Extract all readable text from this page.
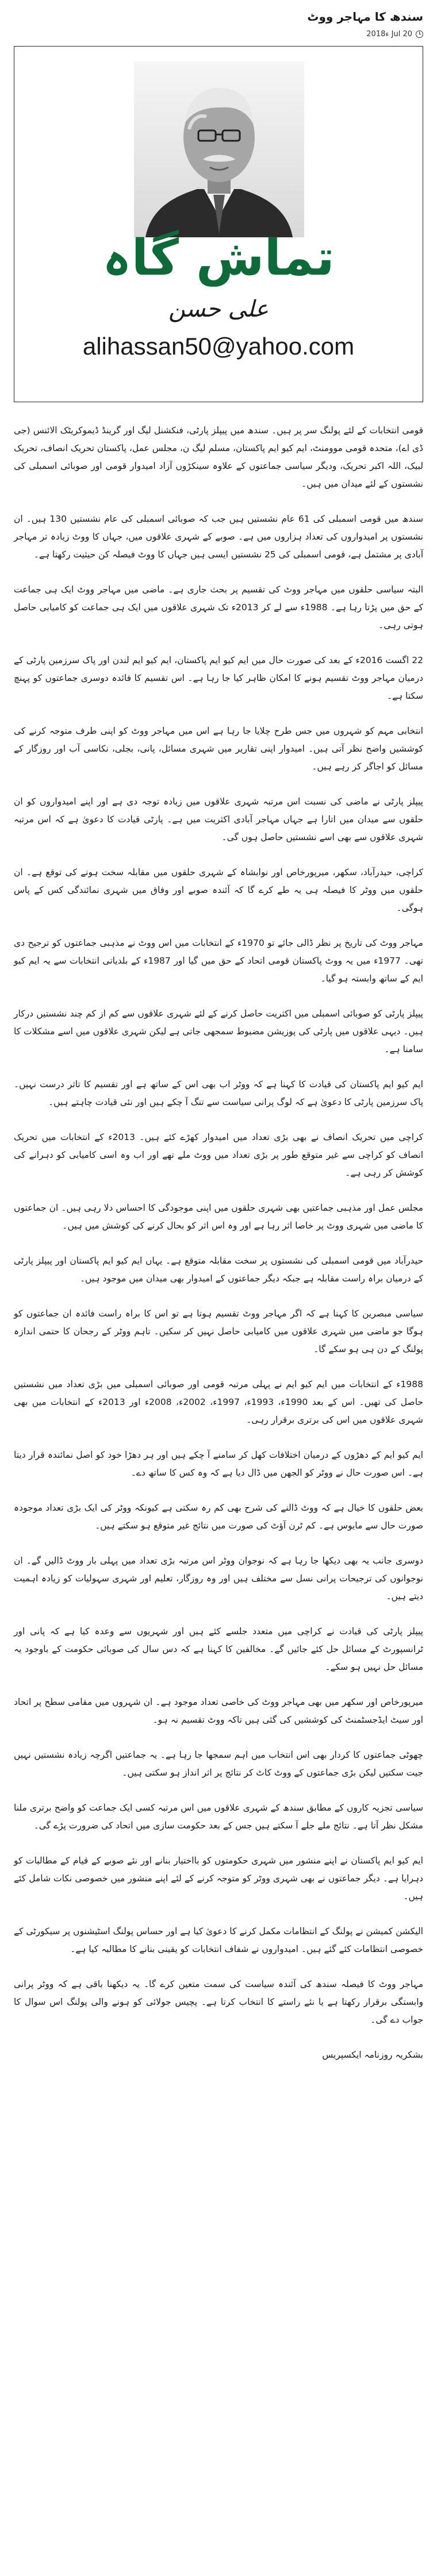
سندھ کا مہاجر ووٹ
2018ء Jul 20
تماش گاہ
علی حسن
alihassan50@yahoo.com

قومی انتخابات کے لئے پولنگ سر پر ہیں۔ سندھ میں پیپلز پارٹی، فنکشنل لیگ اور گرینڈ ڈیموکریٹک الائنس (جی ڈی اے)، متحدہ قومی موومنٹ، ایم کیو ایم پاکستان، مسلم لیگ ن، مجلس عمل، پاکستان تحریک انصاف، تحریک لبیک، اللہ اکبر تحریک، ودیگر سیاسی جماعتوں کے علاوہ سینکڑوں آزاد امیدوار قومی اور صوبائی اسمبلی کی نشستوں کے لئے میدان میں ہیں۔

سندھ میں قومی اسمبلی کی 61 عام نشستیں ہیں جب کہ صوبائی اسمبلی کی عام نشستیں 130 ہیں۔ ان نشستوں پر امیدواروں کی تعداد ہزاروں میں ہے۔ صوبے کے شہری علاقوں میں، جہاں کا ووٹ زیادہ تر مہاجر آبادی پر مشتمل ہے، قومی اسمبلی کی 25 نشستیں ایسی ہیں جہاں کا ووٹ فیصلہ کن حیثیت رکھتا ہے۔

البتہ سیاسی حلقوں میں مہاجر ووٹ کی تقسیم پر بحث جاری ہے۔ ماضی میں مہاجر ووٹ ایک ہی جماعت کے حق میں پڑتا رہا ہے۔ 1988ء سے لے کر 2013ء تک شہری علاقوں میں ایک ہی جماعت کو کامیابی حاصل ہوتی رہی۔

22 اگست 2016ء کے بعد کی صورت حال میں ایم کیو ایم پاکستان، ایم کیو ایم لندن اور پاک سرزمین پارٹی کے درمیان مہاجر ووٹ تقسیم ہونے کا امکان ظاہر کیا جا رہا ہے۔ اس تقسیم کا فائدہ دوسری جماعتوں کو پہنچ سکتا ہے۔

انتخابی مہم کو شہروں میں جس طرح چلایا جا رہا ہے اس میں مہاجر ووٹ کو اپنی طرف متوجہ کرنے کی کوششیں واضح نظر آتی ہیں۔ امیدوار اپنی تقاریر میں شہری مسائل، پانی، بجلی، نکاسی آب اور روزگار کے مسائل کو اجاگر کر رہے ہیں۔

پیپلز پارٹی نے ماضی کی نسبت اس مرتبہ شہری علاقوں میں زیادہ توجہ دی ہے اور اپنے امیدواروں کو ان حلقوں سے میدان میں اتارا ہے جہاں مہاجر آبادی اکثریت میں ہے۔ پارٹی قیادت کا دعویٰ ہے کہ اس مرتبہ شہری علاقوں سے بھی اسے نشستیں حاصل ہوں گی۔

کراچی، حیدرآباد، سکھر، میرپورخاص اور نوابشاہ کے شہری حلقوں میں مقابلہ سخت ہونے کی توقع ہے۔ ان حلقوں میں ووٹر کا فیصلہ ہی یہ طے کرے گا کہ آئندہ صوبے اور وفاق میں شہری نمائندگی کس کے پاس ہوگی۔

مہاجر ووٹ کی تاریخ پر نظر ڈالی جائے تو 1970ء کے انتخابات میں اس ووٹ نے مذہبی جماعتوں کو ترجیح دی تھی۔ 1977ء میں یہ ووٹ پاکستان قومی اتحاد کے حق میں گیا اور 1987ء کے بلدیاتی انتخابات سے یہ ایم کیو ایم کے ساتھ وابستہ ہو گیا۔

پیپلز پارٹی کو صوبائی اسمبلی میں اکثریت حاصل کرنے کے لئے شہری علاقوں سے کم از کم چند نشستیں درکار ہیں۔ دیہی علاقوں میں پارٹی کی پوزیشن مضبوط سمجھی جاتی ہے لیکن شہری علاقوں میں اسے مشکلات کا سامنا ہے۔

ایم کیو ایم پاکستان کی قیادت کا کہنا ہے کہ ووٹر اب بھی اس کے ساتھ ہے اور تقسیم کا تاثر درست نہیں۔ پاک سرزمین پارٹی کا دعویٰ ہے کہ لوگ پرانی سیاست سے تنگ آ چکے ہیں اور نئی قیادت چاہتے ہیں۔

کراچی میں تحریک انصاف نے بھی بڑی تعداد میں امیدوار کھڑے کئے ہیں۔ 2013ء کے انتخابات میں تحریک انصاف کو کراچی سے غیر متوقع طور پر بڑی تعداد میں ووٹ ملے تھے اور اب وہ اسی کامیابی کو دہرانے کی کوشش کر رہی ہے۔

مجلس عمل اور مذہبی جماعتیں بھی شہری حلقوں میں اپنی موجودگی کا احساس دلا رہی ہیں۔ ان جماعتوں کا ماضی میں شہری ووٹ پر خاصا اثر رہا ہے اور وہ اس اثر کو بحال کرنے کی کوشش میں ہیں۔

حیدرآباد میں قومی اسمبلی کی نشستوں پر سخت مقابلہ متوقع ہے۔ یہاں ایم کیو ایم پاکستان اور پیپلز پارٹی کے درمیان براہ راست مقابلہ ہے جبکہ دیگر جماعتوں کے امیدوار بھی میدان میں موجود ہیں۔

سیاسی مبصرین کا کہنا ہے کہ اگر مہاجر ووٹ تقسیم ہوتا ہے تو اس کا براہ راست فائدہ ان جماعتوں کو ہوگا جو ماضی میں شہری علاقوں میں کامیابی حاصل نہیں کر سکیں۔ تاہم ووٹر کے رجحان کا حتمی اندازہ پولنگ کے دن ہی ہو سکے گا۔

1988ء کے انتخابات میں ایم کیو ایم نے پہلی مرتبہ قومی اور صوبائی اسمبلی میں بڑی تعداد میں نشستیں حاصل کی تھیں۔ اس کے بعد 1990ء، 1993ء، 1997ء، 2002ء، 2008ء اور 2013ء کے انتخابات میں بھی شہری علاقوں میں اس کی برتری برقرار رہی۔

ایم کیو ایم کے دھڑوں کے درمیان اختلافات کھل کر سامنے آ چکے ہیں اور ہر دھڑا خود کو اصل نمائندہ قرار دیتا ہے۔ اس صورت حال نے ووٹر کو الجھن میں ڈال دیا ہے کہ وہ کس کا ساتھ دے۔

بعض حلقوں کا خیال ہے کہ ووٹ ڈالنے کی شرح بھی کم رہ سکتی ہے کیونکہ ووٹر کی ایک بڑی تعداد موجودہ صورت حال سے مایوس ہے۔ کم ٹرن آؤٹ کی صورت میں نتائج غیر متوقع ہو سکتے ہیں۔

دوسری جانب یہ بھی دیکھا جا رہا ہے کہ نوجوان ووٹر اس مرتبہ بڑی تعداد میں پہلی بار ووٹ ڈالیں گے۔ ان نوجوانوں کی ترجیحات پرانی نسل سے مختلف ہیں اور وہ روزگار، تعلیم اور شہری سہولیات کو زیادہ اہمیت دیتے ہیں۔

پیپلز پارٹی کی قیادت نے کراچی میں متعدد جلسے کئے ہیں اور شہریوں سے وعدہ کیا ہے کہ پانی اور ٹرانسپورٹ کے مسائل حل کئے جائیں گے۔ مخالفین کا کہنا ہے کہ دس سال کی صوبائی حکومت کے باوجود یہ مسائل حل نہیں ہو سکے۔

میرپورخاص اور سکھر میں بھی مہاجر ووٹ کی خاصی تعداد موجود ہے۔ ان شہروں میں مقامی سطح پر اتحاد اور سیٹ ایڈجسٹمنٹ کی کوششیں کی گئی ہیں تاکہ ووٹ تقسیم نہ ہو۔

چھوٹی جماعتوں کا کردار بھی اس انتخاب میں اہم سمجھا جا رہا ہے۔ یہ جماعتیں اگرچہ زیادہ نشستیں نہیں جیت سکتیں لیکن بڑی جماعتوں کے ووٹ کاٹ کر نتائج پر اثر انداز ہو سکتی ہیں۔

سیاسی تجزیہ کاروں کے مطابق سندھ کے شہری علاقوں میں اس مرتبہ کسی ایک جماعت کو واضح برتری ملنا مشکل نظر آتا ہے۔ نتائج ملے جلے آ سکتے ہیں جس کے بعد حکومت سازی میں اتحاد کی ضرورت پڑے گی۔

ایم کیو ایم پاکستان نے اپنے منشور میں شہری حکومتوں کو بااختیار بنانے اور نئے صوبے کے قیام کے مطالبات کو دہرایا ہے۔ دیگر جماعتوں نے بھی شہری ووٹر کو متوجہ کرنے کے لئے اپنے منشور میں خصوصی نکات شامل کئے ہیں۔

الیکشن کمیشن نے پولنگ کے انتظامات مکمل کرنے کا دعویٰ کیا ہے اور حساس پولنگ اسٹیشنوں پر سیکورٹی کے خصوصی انتظامات کئے گئے ہیں۔ امیدواروں نے شفاف انتخابات کو یقینی بنانے کا مطالبہ کیا ہے۔

مہاجر ووٹ کا فیصلہ سندھ کی آئندہ سیاست کی سمت متعین کرے گا۔ یہ دیکھنا باقی ہے کہ ووٹر پرانی وابستگی برقرار رکھتا ہے یا نئے راستے کا انتخاب کرتا ہے۔ پچیس جولائی کو ہونے والی پولنگ اس سوال کا جواب دے گی۔

بشکریہ روزنامہ ایکسپریس
